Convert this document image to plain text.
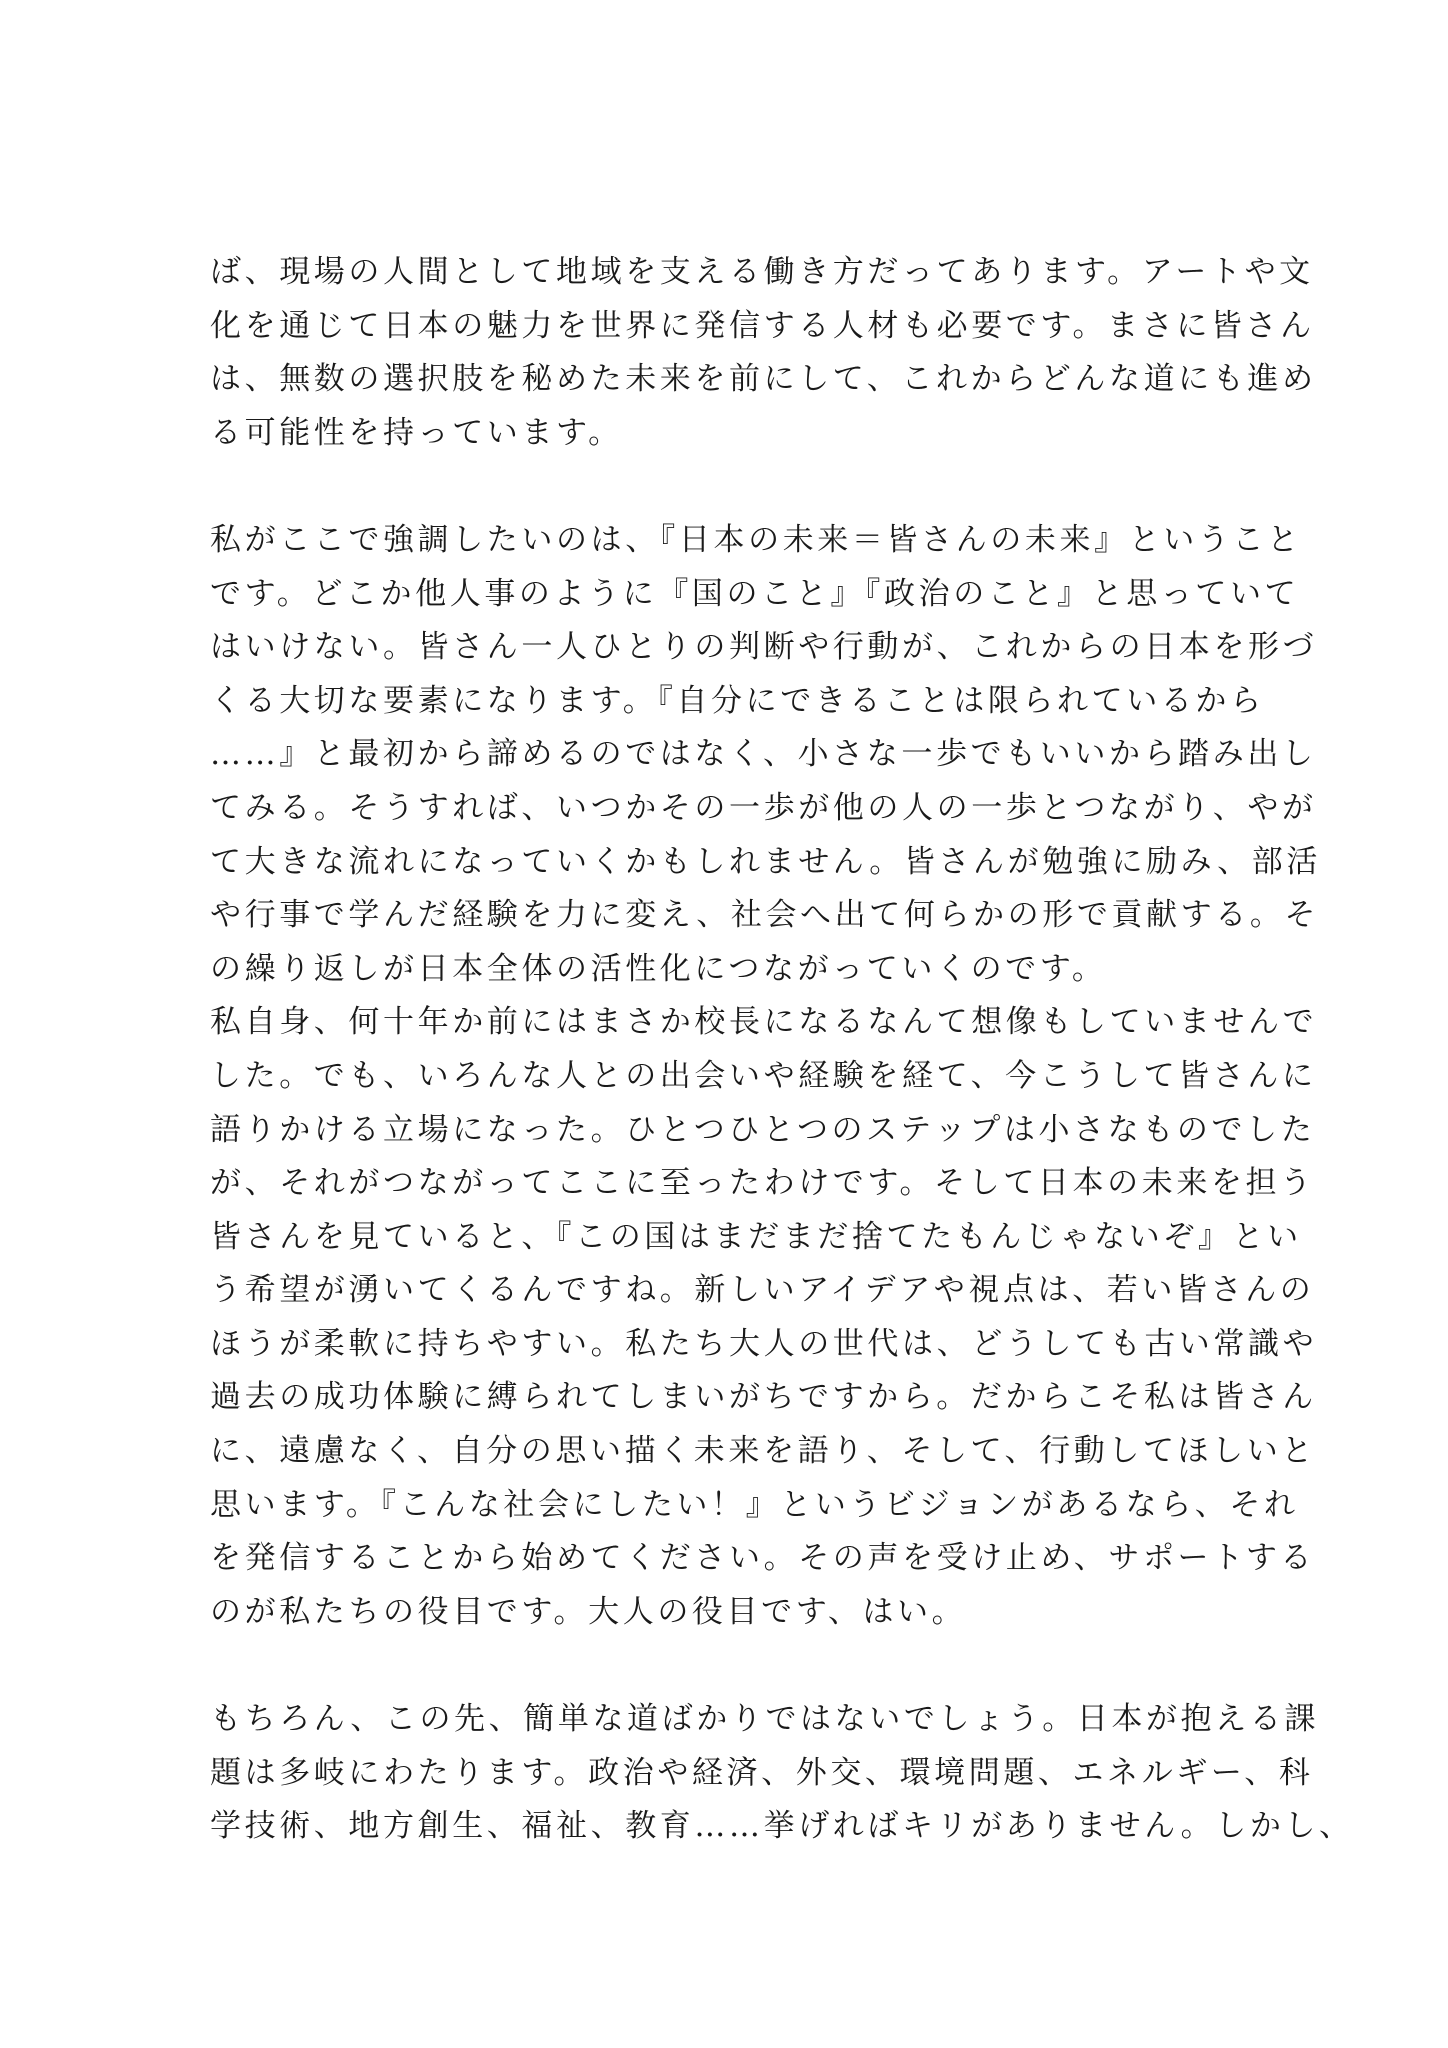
ば、現場の人間として地域を支える働き方だってあります。アートや文
化を通じて日本の魅力を世界に発信する人材も必要です。まさに皆さん
は、無数の選択肢を秘めた未来を前にして、これからどんな道にも進め
る可能性を持っています。
私がここで強調したいのは、『日本の未来＝皆さんの未来』ということ
です。どこか他人事のように『国のこと』『政治のこと』と思っていて
はいけない。皆さん一人ひとりの判断や行動が、これからの日本を形づ
くる大切な要素になります。『自分にできることは限られているから
……』と最初から諦めるのではなく、小さな一歩でもいいから踏み出し
てみる。そうすれば、いつかその一歩が他の人の一歩とつながり、やが
て大きな流れになっていくかもしれません。皆さんが勉強に励み、部活
や行事で学んだ経験を力に変え、社会へ出て何らかの形で貢献する。そ
の繰り返しが日本全体の活性化につながっていくのです。
私自身、何十年か前にはまさか校長になるなんて想像もしていませんで
した。でも、いろんな人との出会いや経験を経て、今こうして皆さんに
語りかける立場になった。ひとつひとつのステップは小さなものでした
が、それがつながってここに至ったわけです。そして日本の未来を担う
皆さんを見ていると、『この国はまだまだ捨てたもんじゃないぞ』とい
う希望が湧いてくるんですね。新しいアイデアや視点は、若い皆さんの
ほうが柔軟に持ちやすい。私たち大人の世代は、どうしても古い常識や
過去の成功体験に縛られてしまいがちですから。だからこそ私は皆さん
に、遠慮なく、自分の思い描く未来を語り、そして、行動してほしいと
思います。『こんな社会にしたい！』というビジョンがあるなら、それ
を発信することから始めてください。その声を受け止め、サポートする
のが私たちの役目です。大人の役目です、はい。
もちろん、この先、簡単な道ばかりではないでしょう。日本が抱える課
題は多岐にわたります。政治や経済、外交、環境問題、エネルギー、科
学技術、地方創生、福祉、教育……挙げればキリがありません。しかし、
